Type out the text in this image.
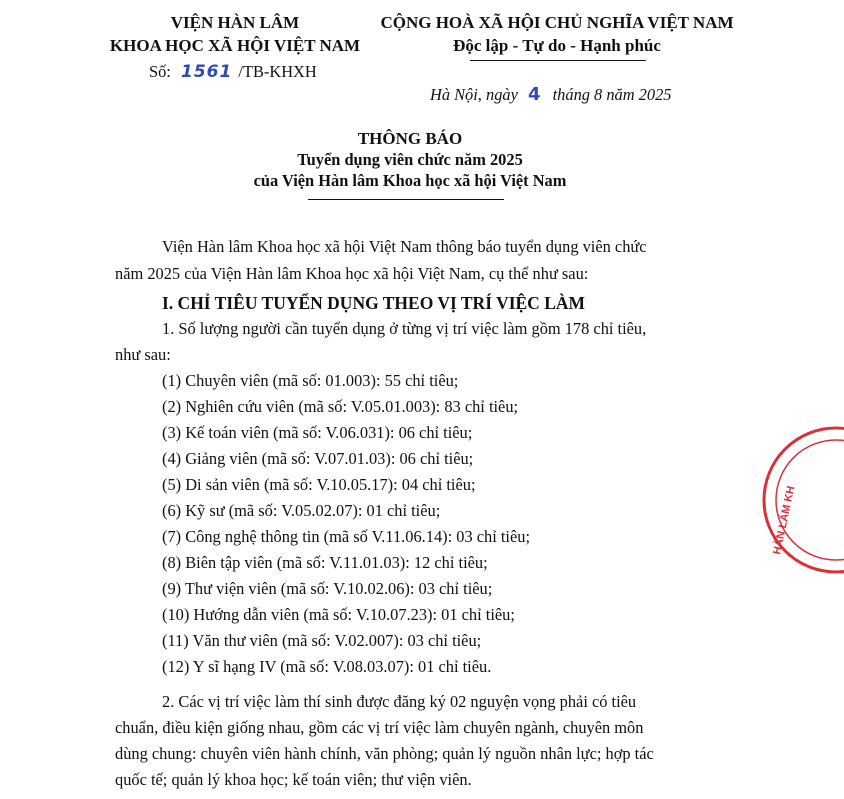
VIỆN HÀN LÂM
KHOA HỌC XÃ HỘI VIỆT NAM
Số: 1561 /TB-KHXH
CỘNG HOÀ XÃ HỘI CHỦ NGHĨA VIỆT NAM
Độc lập - Tự do - Hạnh phúc
Hà Nội, ngày 4 tháng 8 năm 2025
THÔNG BÁO
Tuyển dụng viên chức năm 2025
của Viện Hàn lâm Khoa học xã hội Việt Nam
Viện Hàn lâm Khoa học xã hội Việt Nam thông báo tuyển dụng viên chức
năm 2025 của Viện Hàn lâm Khoa học xã hội Việt Nam, cụ thể như sau:
I. CHỈ TIÊU TUYỂN DỤNG THEO VỊ TRÍ VIỆC LÀM
1. Số lượng người cần tuyển dụng ở từng vị trí việc làm gồm 178 chỉ tiêu,
như sau:
(1) Chuyên viên (mã số: 01.003): 55 chỉ tiêu;
(2) Nghiên cứu viên (mã số: V.05.01.003): 83 chỉ tiêu;
(3) Kế toán viên (mã số: V.06.031): 06 chỉ tiêu;
(4) Giảng viên (mã số: V.07.01.03): 06 chỉ tiêu;
(5) Di sản viên (mã số: V.10.05.17): 04 chỉ tiêu;
(6) Kỹ sư (mã số: V.05.02.07): 01 chỉ tiêu;
(7) Công nghệ thông tin (mã số V.11.06.14): 03 chỉ tiêu;
(8) Biên tập viên (mã số: V.11.01.03): 12 chỉ tiêu;
(9) Thư viện viên (mã số: V.10.02.06): 03 chỉ tiêu;
(10) Hướng dẫn viên (mã số: V.10.07.23): 01 chỉ tiêu;
(11) Văn thư viên (mã số: V.02.007): 03 chỉ tiêu;
(12) Y sĩ hạng IV (mã số: V.08.03.07): 01 chỉ tiêu.
2. Các vị trí việc làm thí sinh được đăng ký 02 nguyện vọng phải có tiêu
chuẩn, điều kiện giống nhau, gồm các vị trí việc làm chuyên ngành, chuyên môn
dùng chung: chuyên viên hành chính, văn phòng; quản lý nguồn nhân lực; hợp tác
quốc tế; quản lý khoa học; kế toán viên; thư viện viên.
HÀN LÂM KH
